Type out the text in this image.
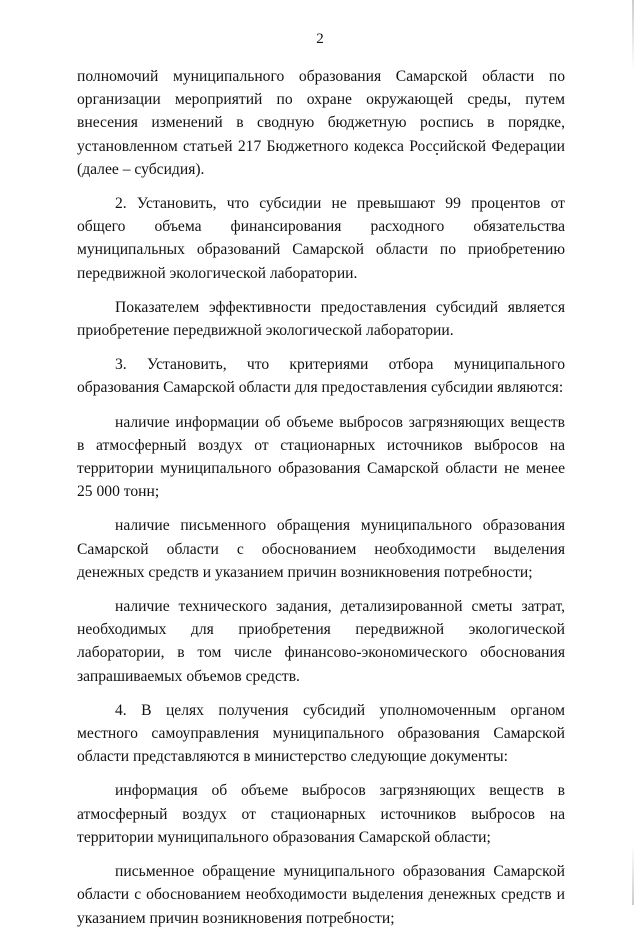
2

полномочий муниципального образования Самарской области по организации мероприятий по охране окружающей среды, путем внесения изменений в сводную бюджетную роспись в порядке, установленном статьей 217 Бюджетного кодекса Российской Федерации (далее – субсидия).

2. Установить, что субсидии не превышают 99 процентов от общего объема финансирования расходного обязательства муниципальных образований Самарской области по приобретению передвижной экологической лаборатории.

Показателем эффективности предоставления субсидий является приобретение передвижной экологической лаборатории.

3. Установить, что критериями отбора муниципального образования Самарской области для предоставления субсидии являются:

наличие информации об объеме выбросов загрязняющих веществ в атмосферный воздух от стационарных источников выбросов на территории муниципального образования Самарской области не менее 25 000 тонн;

наличие письменного обращения муниципального образования Самарской области с обоснованием необходимости выделения денежных средств и указанием причин возникновения потребности;

наличие технического задания, детализированной сметы затрат, необходимых для приобретения передвижной экологической лаборатории, в том числе финансово-экономического обоснования запрашиваемых объемов средств.

4. В целях получения субсидий уполномоченным органом местного самоуправления муниципального образования Самарской области представляются в министерство следующие документы:

информация об объеме выбросов загрязняющих веществ в атмосферный воздух от стационарных источников выбросов на территории муниципального образования Самарской области;

письменное обращение муниципального образования Самарской области с обоснованием необходимости выделения денежных средств и указанием причин возникновения потребности;
